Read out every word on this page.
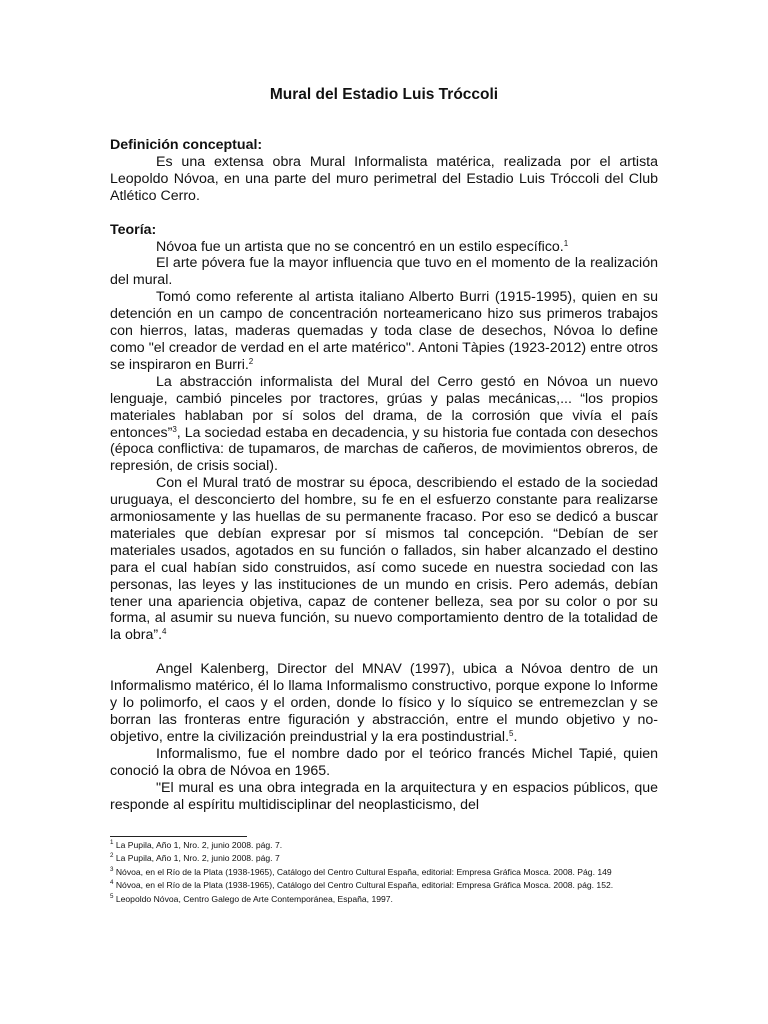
Mural del Estadio Luis Tróccoli

Definición conceptual:

Es una extensa obra Mural Informalista matérica, realizada por el artista Leopoldo Nóvoa, en una parte del muro perimetral del Estadio Luis Tróccoli del Club Atlético Cerro.

Teoría:

Nóvoa fue un artista que no se concentró en un estilo específico.$^1$

El arte póvera fue la mayor influencia que tuvo en el momento de la realización del mural.

Tomó como referente al artista italiano Alberto Burri (1915-1995), quien en su detención en un campo de concentración norteamericano hizo sus primeros trabajos con hierros, latas, maderas quemadas y toda clase de desechos, Nóvoa lo define como "el creador de verdad en el arte matérico". Antoni Tàpies (1923-2012) entre otros se inspiraron en Burri.$^2$

La abstracción informalista del Mural del Cerro gestó en Nóvoa un nuevo lenguaje, cambió pinceles por tractores, grúas y palas mecánicas,... “los propios materiales hablaban por sí solos del drama, de la corrosión que vivía el país entonces”$^3$, La sociedad estaba en decadencia, y su historia fue contada con desechos (época conflictiva: de tupamaros, de marchas de cañeros, de movimientos obreros, de represión, de crisis social).

Con el Mural trató de mostrar su época, describiendo el estado de la sociedad uruguaya, el desconcierto del hombre, su fe en el esfuerzo constante para realizarse armoniosamente y las huellas de su permanente fracaso. Por eso se dedicó a buscar materiales que debían expresar por sí mismos tal concepción. “Debían de ser materiales usados, agotados en su función o fallados, sin haber alcanzado el destino para el cual habían sido construidos, así como sucede en nuestra sociedad con las personas, las leyes y las instituciones de un mundo en crisis. Pero además, debían tener una apariencia objetiva, capaz de contener belleza, sea por su color o por su forma, al asumir su nueva función, su nuevo comportamiento dentro de la totalidad de la obra”.$^4$

Angel Kalenberg, Director del MNAV (1997), ubica a Nóvoa dentro de un Informalismo matérico, él lo llama Informalismo constructivo, porque expone lo Informe y lo polimorfo, el caos y el orden, donde lo físico y lo síquico se entremezclan y se borran las fronteras entre figuración y abstracción, entre el mundo objetivo y no-objetivo, entre la civilización preindustrial y la era postindustrial.$^5$.

Informalismo, fue el nombre dado por el teórico francés Michel Tapié, quien conoció la obra de Nóvoa en 1965.

"El mural es una obra integrada en la arquitectura y en espacios públicos, que responde al espíritu multidisciplinar del neoplasticismo, del

$^1$ La Pupila, Año 1, Nro. 2, junio 2008. pág. 7.

$^2$ La Pupila, Año 1, Nro. 2, junio 2008. pág. 7

$^3$ Nóvoa, en el Río de la Plata (1938-1965), Catálogo del Centro Cultural España, editorial: Empresa Gráfica Mosca. 2008. Pág. 149

$^4$ Nóvoa, en el Río de la Plata (1938-1965), Catálogo del Centro Cultural España, editorial: Empresa Gráfica Mosca. 2008. pág. 152.

$^5$ Leopoldo Nóvoa, Centro Galego de Arte Contemporánea, España, 1997.
